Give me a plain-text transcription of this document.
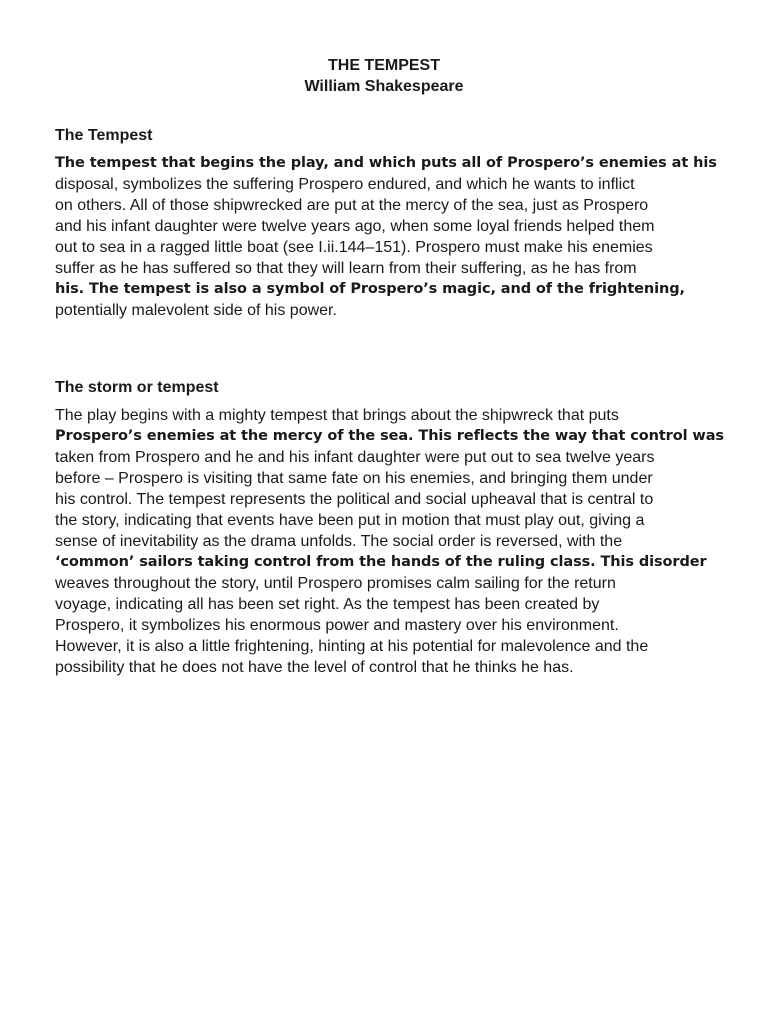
THE TEMPEST
William Shakespeare
The Tempest
The tempest that begins the play, and which puts all of Prospero’s enemies at his
disposal, symbolizes the suffering Prospero endured, and which he wants to inflict
on others. All of those shipwrecked are put at the mercy of the sea, just as Prospero
and his infant daughter were twelve years ago, when some loyal friends helped them
out to sea in a ragged little boat (see I.ii.144–151). Prospero must make his enemies
suffer as he has suffered so that they will learn from their suffering, as he has from
his. The tempest is also a symbol of Prospero’s magic, and of the frightening,
potentially malevolent side of his power.
The storm or tempest
The play begins with a mighty tempest that brings about the shipwreck that puts
Prospero’s enemies at the mercy of the sea. This reflects the way that control was
taken from Prospero and he and his infant daughter were put out to sea twelve years
before – Prospero is visiting that same fate on his enemies, and bringing them under
his control. The tempest represents the political and social upheaval that is central to
the story, indicating that events have been put in motion that must play out, giving a
sense of inevitability as the drama unfolds. The social order is reversed, with the
‘common’ sailors taking control from the hands of the ruling class. This disorder
weaves throughout the story, until Prospero promises calm sailing for the return
voyage, indicating all has been set right. As the tempest has been created by
Prospero, it symbolizes his enormous power and mastery over his environment.
However, it is also a little frightening, hinting at his potential for malevolence and the
possibility that he does not have the level of control that he thinks he has.
